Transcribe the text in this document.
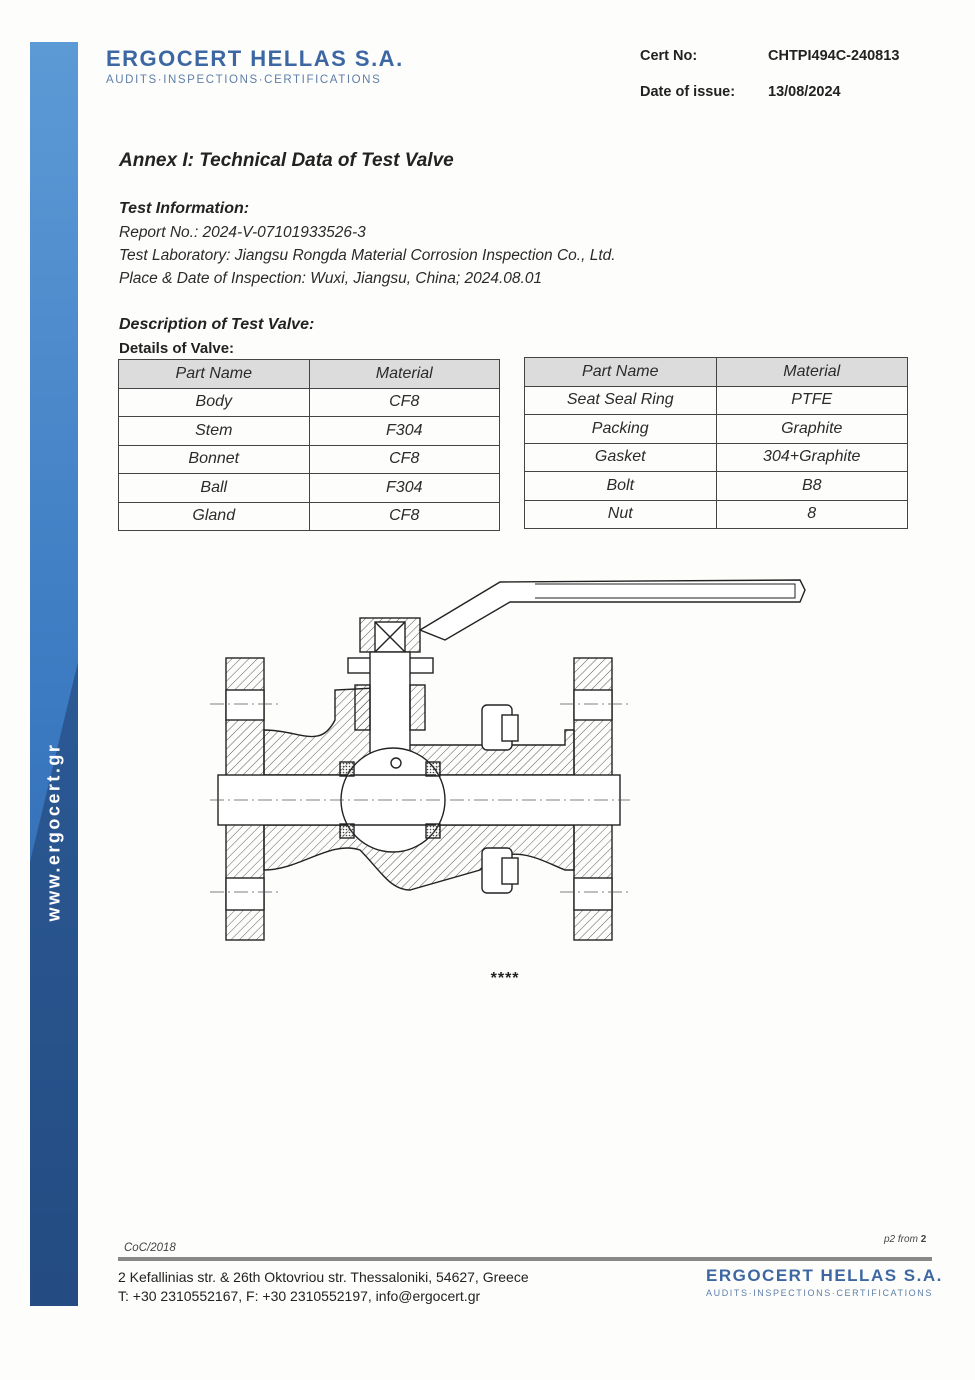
www.ergocert.gr
ERGOCERT HELLAS S.A.
AUDITS·INSPECTIONS·CERTIFICATIONS
Cert No:	CHTPI494C-240813
Date of issue: 13/08/2024
Annex I: Technical Data of Test Valve
Test Information:
Report No.: 2024-V-07101933526-3
Test Laboratory: Jiangsu Rongda Material Corrosion Inspection Co., Ltd.
Place & Date of Inspection: Wuxi, Jiangsu, China; 2024.08.01
Description of Test Valve:
Details of Valve:
Part Name	Material
Body	CF8
Stem	F304
Bonnet	CF8
Ball	F304
Gland	CF8
Part Name	Material
Seat Seal Ring	PTFE
Packing	Graphite
Gasket	304+Graphite
Bolt	B8
Nut	8
****
CoC/2018
p2 from 2
2 Kefallinias str. & 26th Oktovriou str. Thessaloniki, 54627, Greece
T: +30 2310552167, F: +30 2310552197, info@ergocert.gr
ERGOCERT HELLAS S.A.
AUDITS·INSPECTIONS·CERTIFICATIONS
